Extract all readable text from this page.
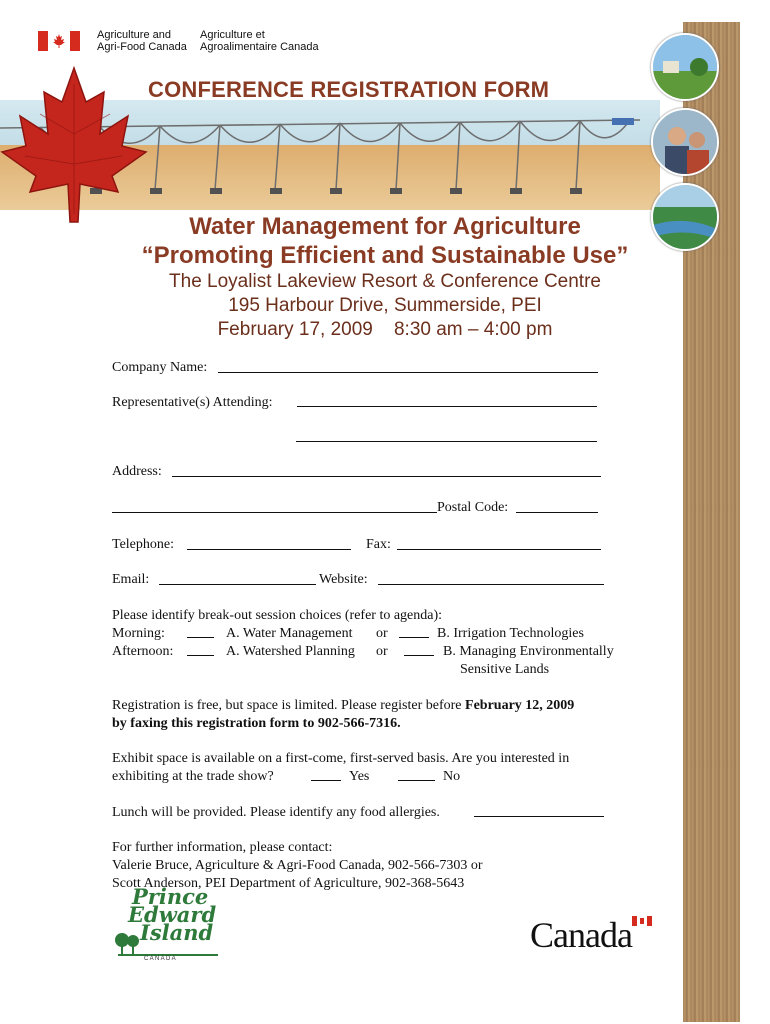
Agriculture and
Agri-Food Canada
Agriculture et
Agroalimentaire Canada
CONFERENCE REGISTRATION FORM
Water Management for Agriculture
“Promoting Efficient and Sustainable Use”
The Loyalist Lakeview Resort & Conference Centre
195 Harbour Drive, Summerside, PEI
February 17, 2009 8:30 am – 4:00 pm
Company Name:
Representative(s) Attending:
Address:
Postal Code:
Telephone:	Fax:
Email:	Website:
Please identify break-out session choices (refer to agenda):
Morning:	A. Water Management or	B. Irrigation Technologies
Afternoon:	A. Watershed Planning or	B. Managing Environmentally
Sensitive Lands
Registration is free, but space is limited. Please register before February 12, 2009
by faxing this registration form to 902-566-7316.
Exhibit space is available on a first-come, first-served basis. Are you interested in
exhibiting at the trade show?	Yes	No
Lunch will be provided. Please identify any food allergies.
For further information, please contact:
Valerie Bruce, Agriculture & Agri-Food Canada, 902-566-7303 or
Scott Anderson, PEI Department of Agriculture, 902-368-5643
Prince
Edward
Island
C A N A D A
Canada
